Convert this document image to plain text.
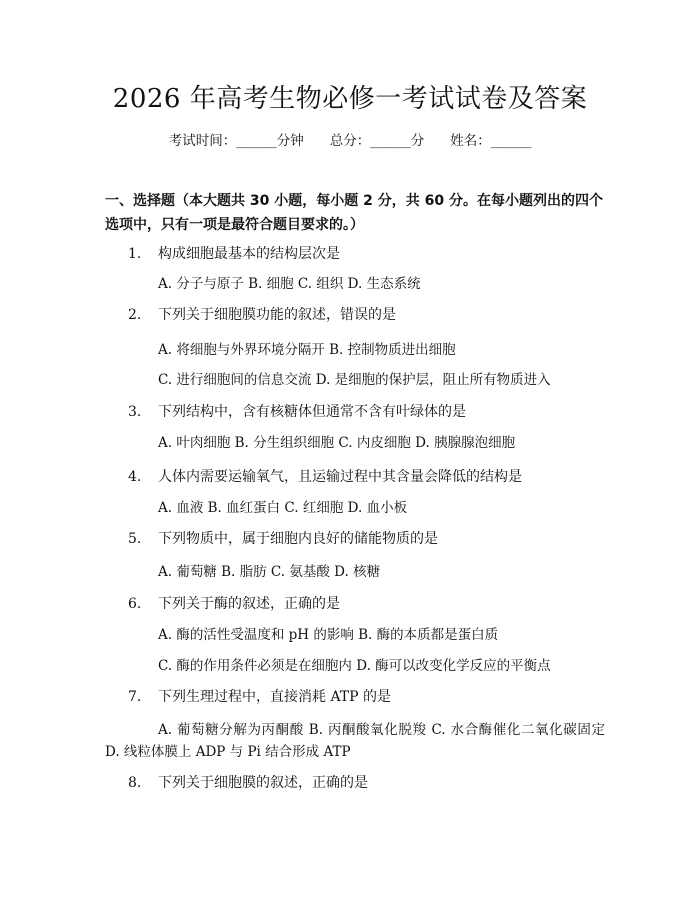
2026 年高考生物必修一考试试卷及答案
考试时间：______分钟 总分：______分 姓名：______
一、选择题（本大题共 30 小题，每小题 2 分，共 60 分。在每小题列出的四个选项中，只有一项是最符合题目要求的。）
1. 构成细胞最基本的结构层次是
A. 分子与原子 B. 细胞 C. 组织 D. 生态系统
2. 下列关于细胞膜功能的叙述，错误的是
A. 将细胞与外界环境分隔开 B. 控制物质进出细胞
C. 进行细胞间的信息交流 D. 是细胞的保护层，阻止所有物质进入
3. 下列结构中，含有核糖体但通常不含有叶绿体的是
A. 叶肉细胞 B. 分生组织细胞 C. 内皮细胞 D. 胰腺腺泡细胞
4. 人体内需要运输氧气，且运输过程中其含量会降低的结构是
A. 血液 B. 血红蛋白 C. 红细胞 D. 血小板
5. 下列物质中，属于细胞内良好的储能物质的是
A. 葡萄糖 B. 脂肪 C. 氨基酸 D. 核糖
6. 下列关于酶的叙述，正确的是
A. 酶的活性受温度和 pH 的影响 B. 酶的本质都是蛋白质
C. 酶的作用条件必须是在细胞内 D. 酶可以改变化学反应的平衡点
7. 下列生理过程中，直接消耗 ATP 的是
A. 葡萄糖分解为丙酮酸 B. 丙酮酸氧化脱羧 C. 水合酶催化二氧化碳固定 D. 线粒体膜上 ADP 与 Pi 结合形成 ATP
8. 下列关于细胞膜的叙述，正确的是
